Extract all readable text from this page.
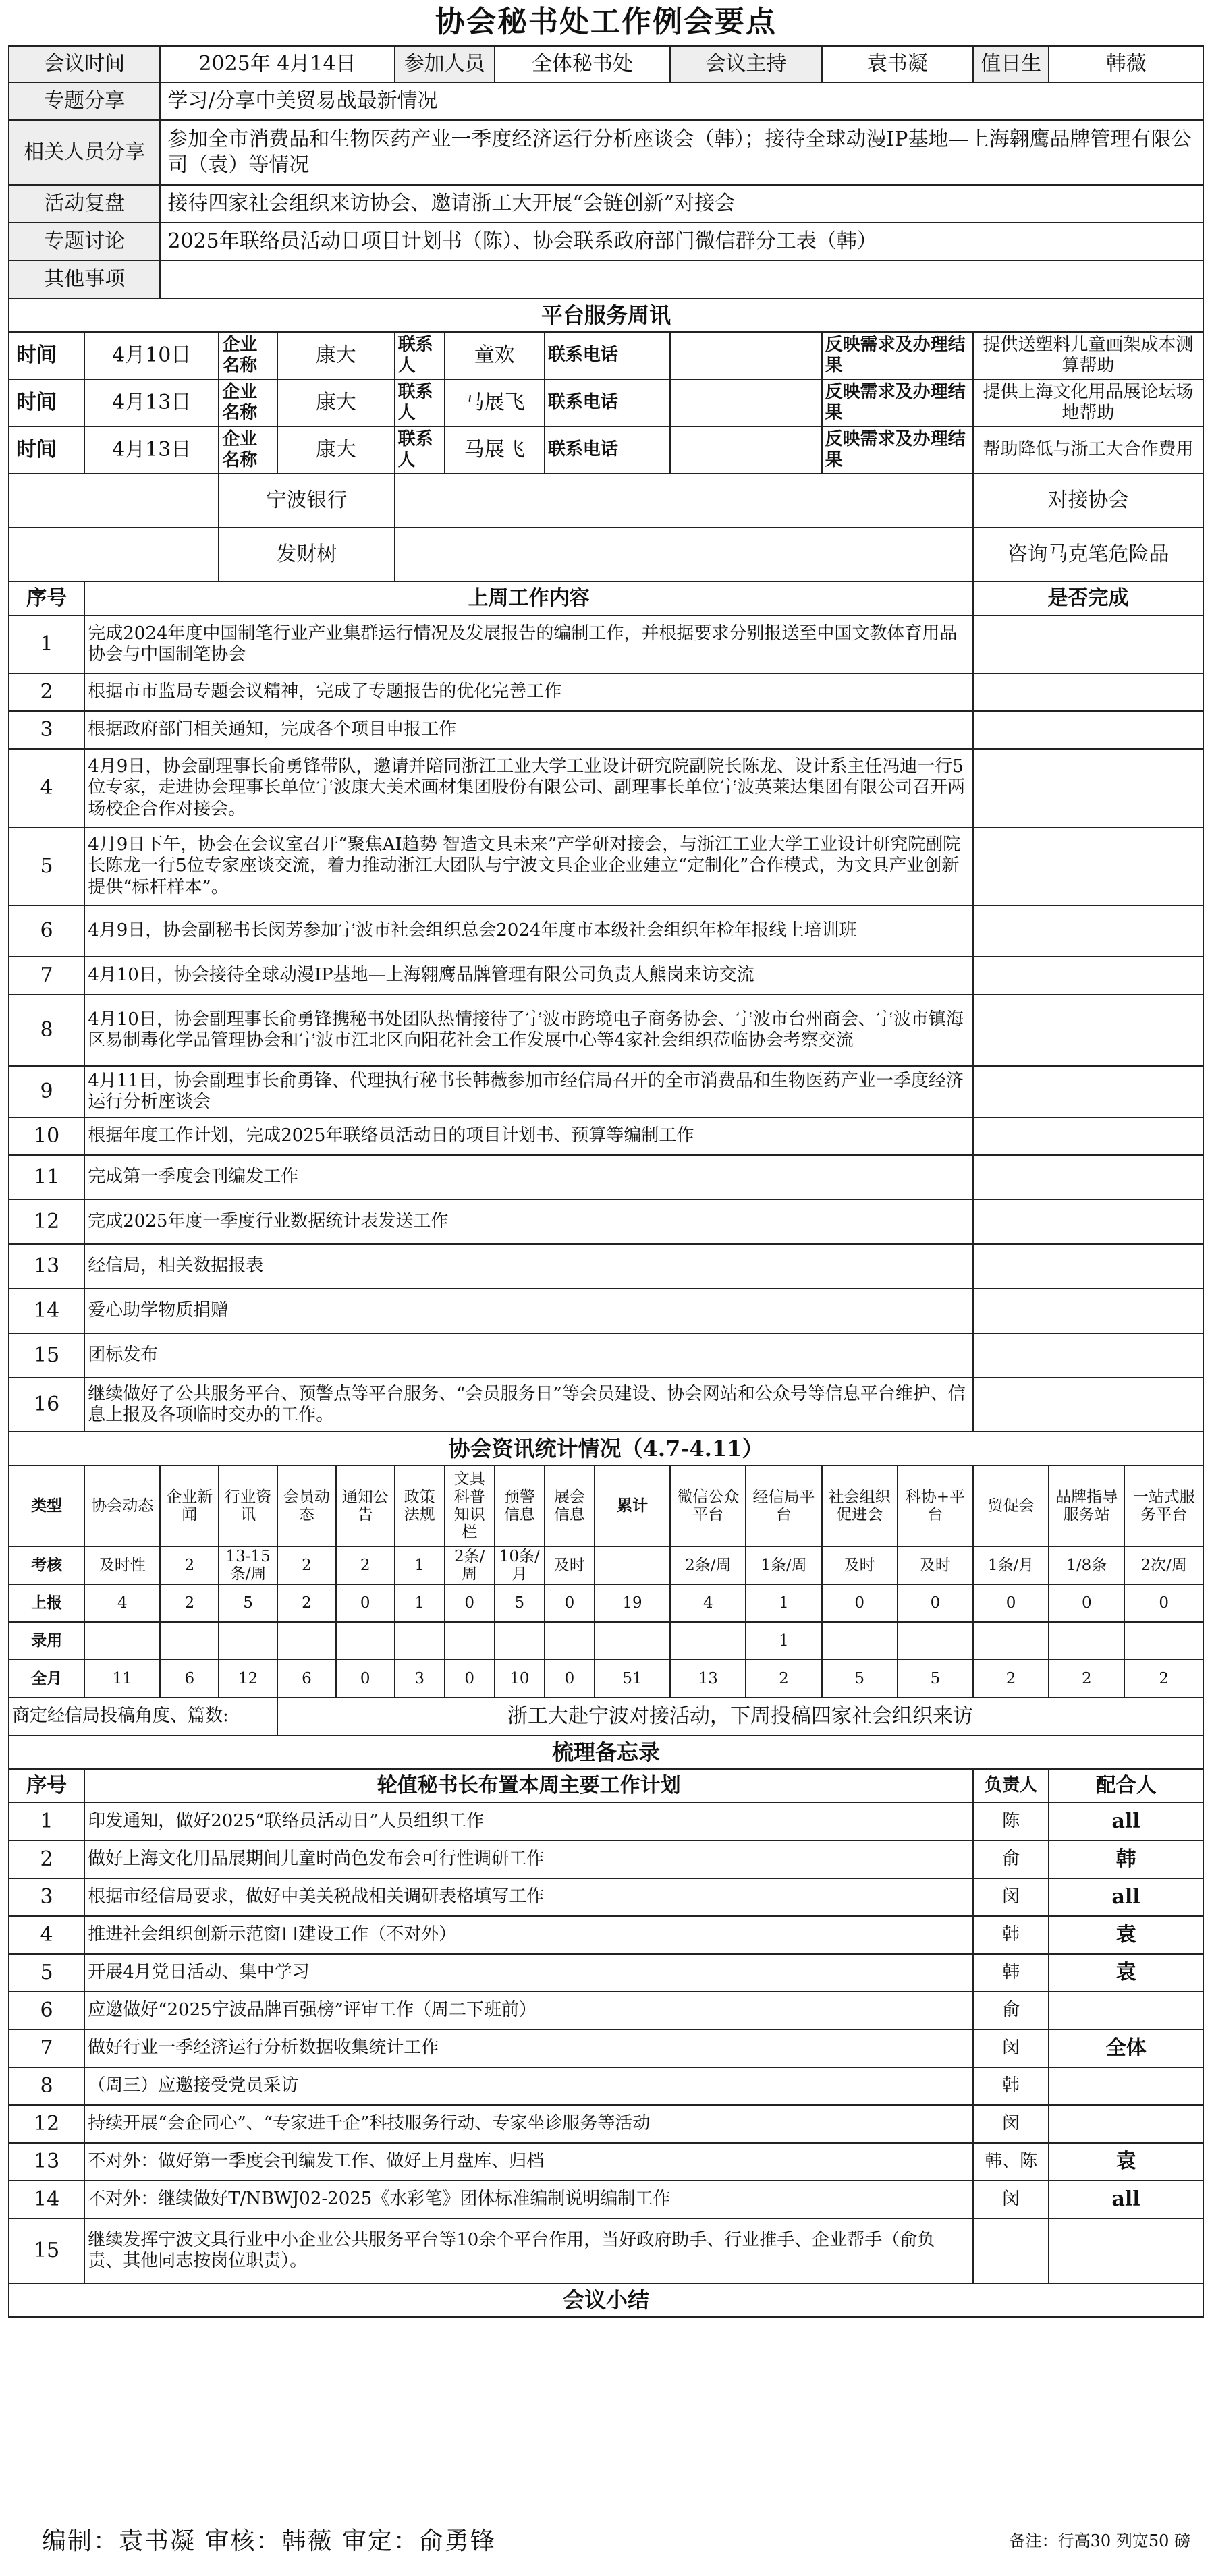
协会秘书处工作例会要点																	
会议时间		2025年 4月14日				参加人员		全体秘书处			会议主持		袁书凝		值日生	韩薇	
专题分享		学习/分享中美贸易战最新情况															
相关人员分享		参加全市消费品和生物医药产业一季度经济运行分析座谈会（韩）；接待全球动漫IP基地—上海翱鹰品牌管理有限公司（袁）等情况															
活动复盘		接待四家社会组织来访协会、邀请浙工大开展“会链创新”对接会															
专题讨论		2025年联络员活动日项目计划书（陈）、协会联系政府部门微信群分工表（韩）															
其他事项																	
平台服务周讯																	
时间	4月10日		企业名称	康大		联系人	童欢		联系电话				反映需求及办理结果		提供送塑料儿童画架成本测算帮助		
时间	4月13日		企业名称	康大		联系人	马展飞		联系电话				反映需求及办理结果		提供上海文化用品展论坛场地帮助		
时间	4月13日		企业名称	康大		联系人	马展飞		联系电话				反映需求及办理结果		帮助降低与浙工大合作费用		
			宁波银行												对接协会		
			发财树												咨询马克笔危险品		
序号	上周工作内容														是否完成		
1	完成2024年度中国制笔行业产业集群运行情况及发展报告的编制工作，并根据要求分别报送至中国文教体育用品协会与中国制笔协会																
2	根据市市监局专题会议精神，完成了专题报告的优化完善工作																
3	根据政府部门相关通知，完成各个项目申报工作																
4	4月9日，协会副理事长俞勇锋带队，邀请并陪同浙江工业大学工业设计研究院副院长陈龙、设计系主任冯迪一行5位专家，走进协会理事长单位宁波康大美术画材集团股份有限公司、副理事长单位宁波英莱达集团有限公司召开两场校企合作对接会。																
5	4月9日下午，协会在会议室召开“聚焦AI趋势 智造文具未来”产学研对接会，与浙江工业大学工业设计研究院副院长陈龙一行5位专家座谈交流，着力推动浙江大团队与宁波文具企业企业建立“定制化”合作模式，为文具产业创新提供“标杆样本”。																
6	4月9日，协会副秘书长闵芳参加宁波市社会组织总会2024年度市本级社会组织年检年报线上培训班																
7	4月10日，协会接待全球动漫IP基地—上海翱鹰品牌管理有限公司负责人熊岗来访交流																
8	4月10日，协会副理事长俞勇锋携秘书处团队热情接待了宁波市跨境电子商务协会、宁波市台州商会、宁波市镇海区易制毒化学品管理协会和宁波市江北区向阳花社会工作发展中心等4家社会组织莅临协会考察交流																
9	4月11日，协会副理事长俞勇锋、代理执行秘书长韩薇参加市经信局召开的全市消费品和生物医药产业一季度经济运行分析座谈会																
10	根据年度工作计划，完成2025年联络员活动日的项目计划书、预算等编制工作																
11	完成第一季度会刊编发工作																
12	完成2025年度一季度行业数据统计表发送工作																
13	经信局，相关数据报表																
14	爱心助学物质捐赠																
15	团标发布																
16	继续做好了公共服务平台、预警点等平台服务、“会员服务日”等会员建设、协会网站和公众号等信息平台维护、信息上报及各项临时交办的工作。																
协会资讯统计情况（4.7-4.11）																	
类型	协会动态	企业新闻	行业资讯	会员动态	通知公告	政策法规	文具科普知识栏	预警信息	展会信息	累计	微信公众平台	经信局平台	社会组织促进会	科协+平台	贸促会	品牌指导服务站	一站式服务平台
考核	及时性	2	13-15条/周	2	2	1	2条/周	10条/月	及时		2条/周	1条/周	及时	及时	1条/月	1/8条	2次/周
上报	4	2	5	2	0	1	0	5	0	19	4	1	0	0	0	0	0
录用												1					
全月	11	6	12	6	0	3	0	10	0	51	13	2	5	5	2	2	2
商定经信局投稿角度、篇数:				浙工大赴宁波对接活动，下周投稿四家社会组织来访													
梳理备忘录																	
序号	轮值秘书长布置本周主要工作计划														负责人	配合人	
1	印发通知，做好2025“联络员活动日”人员组织工作														陈	all	
2	做好上海文化用品展期间儿童时尚色发布会可行性调研工作														俞	韩	
3	根据市经信局要求，做好中美关税战相关调研表格填写工作														闵	all	
4	推进社会组织创新示范窗口建设工作（不对外）														韩	袁	
5	开展4月党日活动、集中学习														韩	袁	
6	应邀做好“2025宁波品牌百强榜”评审工作（周二下班前）														俞		
7	做好行业一季经济运行分析数据收集统计工作														闵	全体	
8	（周三）应邀接受党员采访														韩		
12	持续开展“会企同心”、“专家进千企”科技服务行动、专家坐诊服务等活动														闵		
13	不对外：做好第一季度会刊编发工作、做好上月盘库、归档														韩、陈	袁	
14	不对外：继续做好T/NBWJ02-2025《水彩笔》团体标准编制说明编制工作														闵	all	
15	继续发挥宁波文具行业中小企业公共服务平台等10余个平台作用，当好政府助手、行业推手、企业帮手（俞负责、其他同志按岗位职责）。																
会议小结																	
编制：袁书凝 审核：韩薇 审定：俞勇锋	备注：行高30 列宽50 磅
